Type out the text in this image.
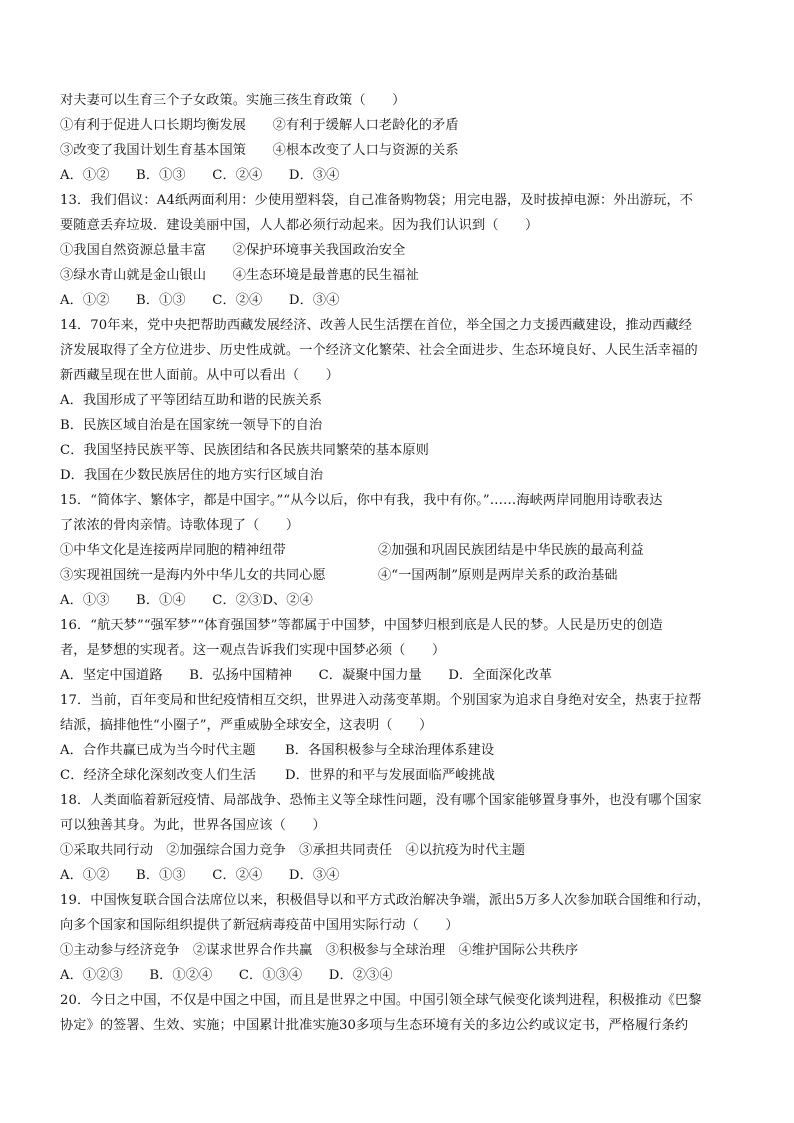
对夫妻可以生育三个子女政策。实施三孩生育政策（　　）
①有利于促进人口长期均衡发展　　②有利于缓解人口老龄化的矛盾
③改变了我国计划生育基本国策　　④根本改变了人口与资源的关系
A．①②　　B．①③　　C．②④　　D．③④
13．我们倡议：A4纸两面利用：少使用塑料袋，自己准备购物袋；用完电器，及时拔掉电源：外出游玩，不
要随意丢弃垃圾．建设美丽中国，人人都必须行动起来。因为我们认识到（　　）
①我国自然资源总量丰富　　②保护环境事关我国政治安全
③绿水青山就是金山银山　　④生态环境是最普惠的民生福祉
A．①②　　B．①③　　C．②④　　D．③④
14．70年来，党中央把帮助西藏发展经济、改善人民生活摆在首位，举全国之力支援西藏建设，推动西藏经
济发展取得了全方位进步、历史性成就。一个经济文化繁荣、社会全面进步、生态环境良好、人民生活幸福的
新西藏呈现在世人面前。从中可以看出（　　）
A．我国形成了平等团结互助和谐的民族关系
B．民族区域自治是在国家统一领导下的自治
C．我国坚持民族平等、民族团结和各民族共同繁荣的基本原则
D．我国在少数民族居住的地方实行区域自治
15．“简体字、繁体字，都是中国字。”“从今以后，你中有我，我中有你。”……海峡两岸同胞用诗歌表达
了浓浓的骨肉亲情。诗歌体现了（　　）
①中华文化是连接两岸同胞的精神纽带	②加强和巩固民族团结是中华民族的最高利益
③实现祖国统一是海内外中华儿女的共同心愿	④“一国两制”原则是两岸关系的政治基础
A．①③　　B．①④　　C．②③D、②④
16．“航天梦”“强军梦”“体育强国梦”等都属于中国梦，中国梦归根到底是人民的梦。人民是历史的创造
者，是梦想的实现者。这一观点告诉我们实现中国梦必须（　　）
A．坚定中国道路　　B．弘扬中国精神　　C．凝聚中国力量　　D．全面深化改革
17．当前，百年变局和世纪疫情相互交织，世界进入动荡变革期。个别国家为追求自身绝对安全，热衷于拉帮
结派，搞排他性“小圈子”，严重威胁全球安全，这表明（　　）
A．合作共赢已成为当今时代主题	B．各国积极参与全球治理体系建设
C．经济全球化深刻改变人们生活	D．世界的和平与发展面临严峻挑战
18．人类面临着新冠疫情、局部战争、恐怖主义等全球性问题，没有哪个国家能够置身事外，也没有哪个国家
可以独善其身。为此，世界各国应该（　　）
①采取共同行动　②加强综合国力竞争　③承担共同责任　④以抗疫为时代主题
A．①②　　B．①③　　C．②④　　D．③④
19．中国恢复联合国合法席位以来，积极倡导以和平方式政治解决争端，派出5万多人次参加联合国维和行动，
向多个国家和国际组织提供了新冠病毒疫苗中国用实际行动（　　）
①主动参与经济竞争　②谋求世界合作共赢　③积极参与全球治理　④维护国际公共秩序
A．①②③　　B．①②④　　C．①③④　　D．②③④
20．今日之中国，不仅是中国之中国，而且是世界之中国。中国引领全球气候变化谈判进程，积极推动《巴黎
协定》的签署、生效、实施；中国累计批准实施30多项与生态环境有关的多边公约或议定书，严格履行条约
